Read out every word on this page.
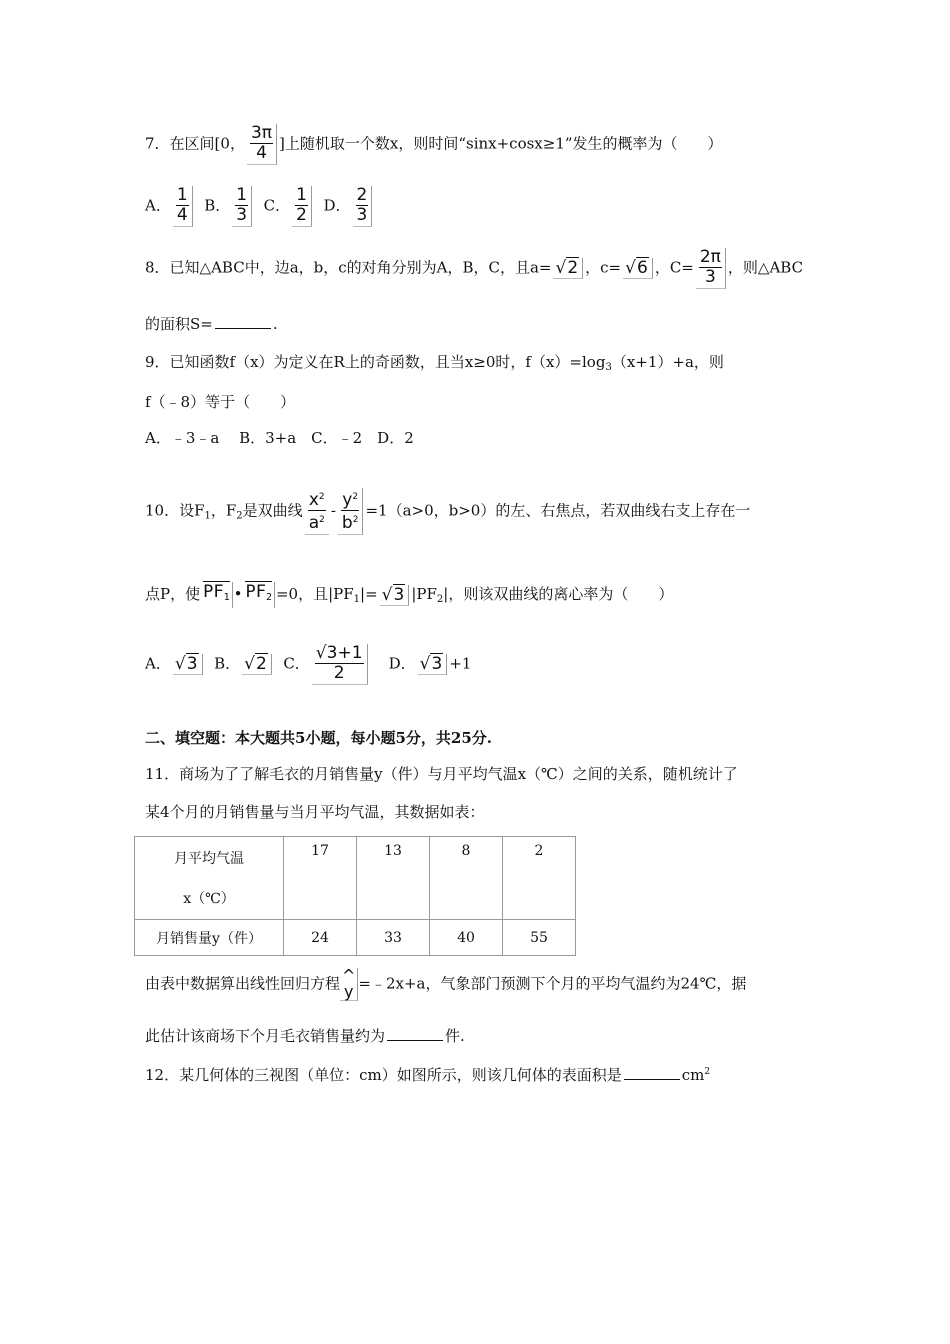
7．在区间[0， $\frac{3\pi}{4}$ ]上随机取一个数x，则时间“sinx+cosx≥1”发生的概率为（　　）
A． $\frac{1}{4}$ B． $\frac{1}{3}$ C． $\frac{1}{2}$ D． $\frac{2}{3}$
8．已知△ABC中，边a，b，c的对角分别为A，B，C，且a= √2 ，c= √6 ，$C= \frac{2\pi}{3}$ ，则△ABC
的面积S=	.
9．已知函数f（x）为定义在R上的奇函数，且当x≥0时，$f(x)=\log_3(x+1)+a$，则
f（﹣8）等于（　　）
A．﹣3﹣a　 B．3+a　C．﹣2　D．2
10．设$F_1$，$F_2$是双曲线 $\frac{x^2}{a^2} - \frac{y^2}{b^2} =1(a>0$，b>0）的左、右焦点，若双曲线右支上存在一
点P，使 $PF_1$ • $PF_2 =0$，且$|PF_1|= √3$ $|PF_2|$，则该双曲线的离心率为（　　）
A． √3 B． √2 C． $\frac{√3+1}{2}$ D． √3 +1
二、填空题：本大题共5小题，每小题5分，共25分.
11．商场为了了解毛衣的月销售量y（件）与月平均气温x（℃）之间的关系，随机统计了
某4个月的月销售量与当月平均气温，其数据如表：
月平均气温
x（℃）	17	13	8	2
月销售量y（件）	24	33	40	55
由表中数据算出线性回归方程 ^
y =﹣2x+a，气象部门预测下个月的平均气温约为24℃，据
此估计该商场下个月毛衣销售量约为	件.
12．某几何体的三视图（单位：cm）如图所示，则该几何体的表面积是	$cm^2$
